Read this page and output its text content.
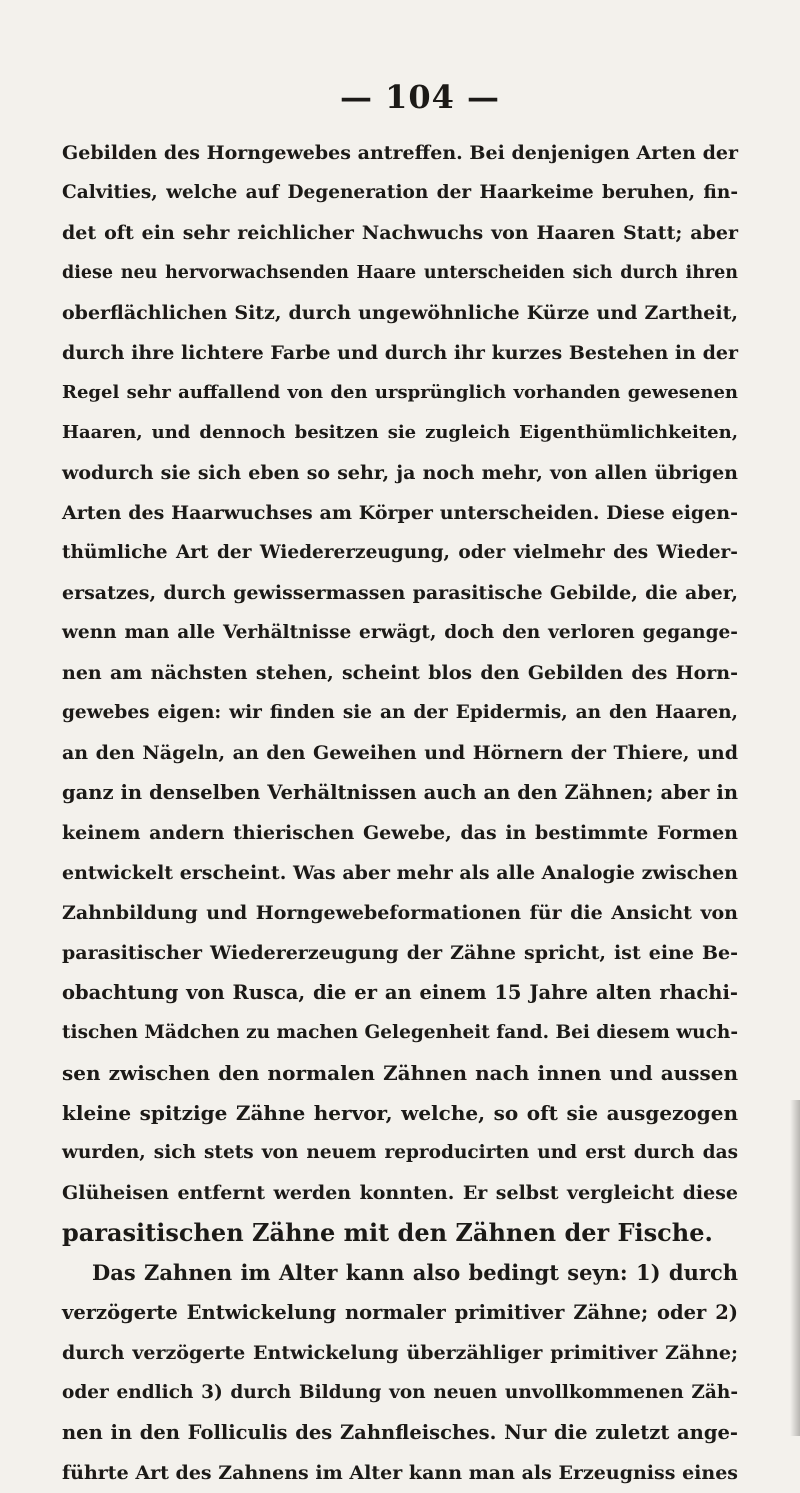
— 104 —
Gebilden des Horngewebes antreffen. Bei denjenigen Arten der
Calvities, welche auf Degeneration der Haarkeime beruhen, fin-
det oft ein sehr reichlicher Nachwuchs von Haaren Statt; aber
diese neu hervorwachsenden Haare unterscheiden sich durch ihren
oberflächlichen Sitz, durch ungewöhnliche Kürze und Zartheit,
durch ihre lichtere Farbe und durch ihr kurzes Bestehen in der
Regel sehr auffallend von den ursprünglich vorhanden gewesenen
Haaren, und dennoch besitzen sie zugleich Eigenthümlichkeiten,
wodurch sie sich eben so sehr, ja noch mehr, von allen übrigen
Arten des Haarwuchses am Körper unterscheiden. Diese eigen-
thümliche Art der Wiedererzeugung, oder vielmehr des Wieder-
ersatzes, durch gewissermassen parasitische Gebilde, die aber,
wenn man alle Verhältnisse erwägt, doch den verloren gegange-
nen am nächsten stehen, scheint blos den Gebilden des Horn-
gewebes eigen: wir finden sie an der Epidermis, an den Haaren,
an den Nägeln, an den Geweihen und Hörnern der Thiere, und
ganz in denselben Verhältnissen auch an den Zähnen; aber in
keinem andern thierischen Gewebe, das in bestimmte Formen
entwickelt erscheint. Was aber mehr als alle Analogie zwischen
Zahnbildung und Horngewebeformationen für die Ansicht von
parasitischer Wiedererzeugung der Zähne spricht, ist eine Be-
obachtung von Rusca, die er an einem 15 Jahre alten rhachi-
tischen Mädchen zu machen Gelegenheit fand. Bei diesem wuch-
sen zwischen den normalen Zähnen nach innen und aussen
kleine spitzige Zähne hervor, welche, so oft sie ausgezogen
wurden, sich stets von neuem reproducirten und erst durch das
Glüheisen entfernt werden konnten. Er selbst vergleicht diese
parasitischen Zähne mit den Zähnen der Fische.
Das Zahnen im Alter kann also bedingt seyn: 1) durch
verzögerte Entwickelung normaler primitiver Zähne; oder 2)
durch verzögerte Entwickelung überzähliger primitiver Zähne;
oder endlich 3) durch Bildung von neuen unvollkommenen Zäh-
nen in den Folliculis des Zahnfleisches. Nur die zuletzt ange-
führte Art des Zahnens im Alter kann man als Erzeugniss eines
